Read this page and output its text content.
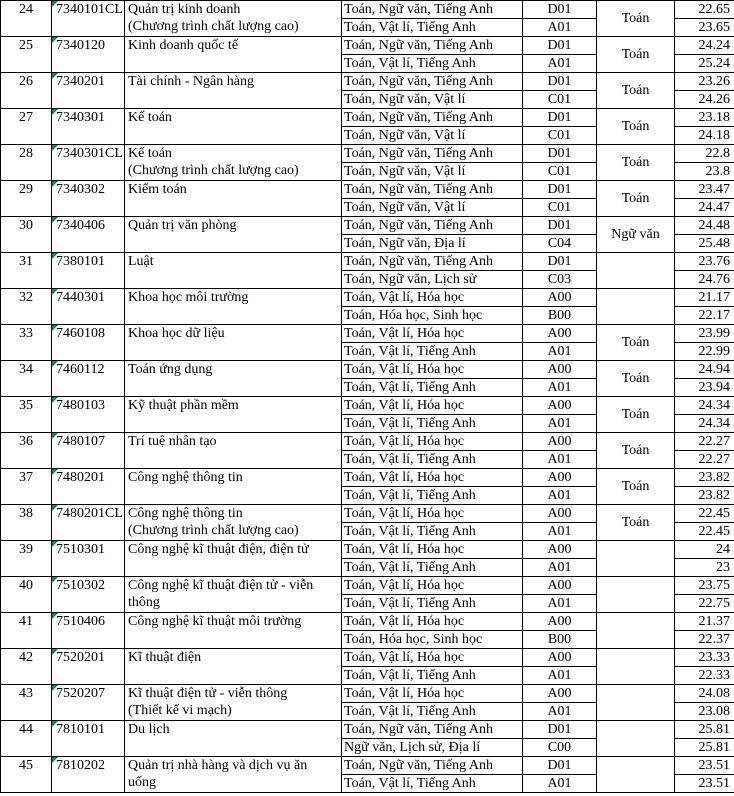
24	7340101CL	Quản trị kinh doanh
(Chương trình chất lượng cao)	Toán, Ngữ văn, Tiếng Anh	D01	Toán	22.65
			Toán, Vật lí, Tiếng Anh	A01		23.65
25	7340120	Kinh doanh quốc tế	Toán, Ngữ văn, Tiếng Anh	D01	Toán	24.24
			Toán, Vật lí, Tiếng Anh	A01		25.24
26	7340201	Tài chính - Ngân hàng	Toán, Ngữ văn, Tiếng Anh	D01	Toán	23.26
			Toán, Ngữ văn, Vật lí	C01		24.26
27	7340301	Kế toán	Toán, Ngữ văn, Tiếng Anh	D01	Toán	23.18
			Toán, Ngữ văn, Vật lí	C01		24.18
28	7340301CL	Kế toán
(Chương trình chất lượng cao)	Toán, Ngữ văn, Tiếng Anh	D01	Toán	22.8
			Toán, Ngữ văn, Vật lí	C01		23.8
29	7340302	Kiểm toán	Toán, Ngữ văn, Tiếng Anh	D01	Toán	23.47
			Toán, Ngữ văn, Vật lí	C01		24.47
30	7340406	Quản trị văn phòng	Toán, Ngữ văn, Tiếng Anh	D01	Ngữ văn	24.48
			Toán, Ngữ văn, Địa lí	C04		25.48
31	7380101	Luật	Toán, Ngữ văn, Tiếng Anh	D01		23.76
			Toán, Ngữ văn, Lịch sử	C03		24.76
32	7440301	Khoa học môi trường	Toán, Vật lí, Hóa học	A00		21.17
			Toán, Hóa học, Sinh học	B00		22.17
33	7460108	Khoa học dữ liệu	Toán, Vật lí, Hóa học	A00	Toán	23.99
			Toán, Vật lí, Tiếng Anh	A01		22.99
34	7460112	Toán ứng dụng	Toán, Vật lí, Hóa học	A00	Toán	24.94
			Toán, Vật lí, Tiếng Anh	A01		23.94
35	7480103	Kỹ thuật phần mềm	Toán, Vật lí, Hóa học	A00	Toán	24.34
			Toán, Vật lí, Tiếng Anh	A01		24.34
36	7480107	Trí tuệ nhân tạo	Toán, Vật lí, Hóa học	A00	Toán	22.27
			Toán, Vật lí, Tiếng Anh	A01		22.27
37	7480201	Công nghệ thông tin	Toán, Vật lí, Hóa học	A00	Toán	23.82
			Toán, Vật lí, Tiếng Anh	A01		23.82
38	7480201CL	Công nghệ thông tin
(Chương trình chất lượng cao)	Toán, Vật lí, Hóa học	A00	Toán	22.45
			Toán, Vật lí, Tiếng Anh	A01		22.45
39	7510301	Công nghệ kĩ thuật điện, điện tử	Toán, Vật lí, Hóa học	A00		24
			Toán, Vật lí, Tiếng Anh	A01		23
40	7510302	Công nghệ kĩ thuật điện tử - viễn
thông	Toán, Vật lí, Hóa học	A00		23.75
			Toán, Vật lí, Tiếng Anh	A01		22.75
41	7510406	Công nghệ kĩ thuật môi trường	Toán, Vật lí, Hóa học	A00		21.37
			Toán, Hóa học, Sinh học	B00		22.37
42	7520201	Kĩ thuật điện	Toán, Vật lí, Hóa học	A00		23.33
			Toán, Vật lí, Tiếng Anh	A01		22.33
43	7520207	Kĩ thuật điện tử - viễn thông
(Thiết kế vi mạch)	Toán, Vật lí, Hóa học	A00		24.08
			Toán, Vật lí, Tiếng Anh	A01		23.08
44	7810101	Du lịch	Toán, Ngữ văn, Tiếng Anh	D01		25.81
			Ngữ văn, Lịch sử, Địa lí	C00		25.81
45	7810202	Quản trị nhà hàng và dịch vụ ăn
uống	Toán, Ngữ văn, Tiếng Anh	D01		23.51
			Toán, Vật lí, Tiếng Anh	A01		23.51
